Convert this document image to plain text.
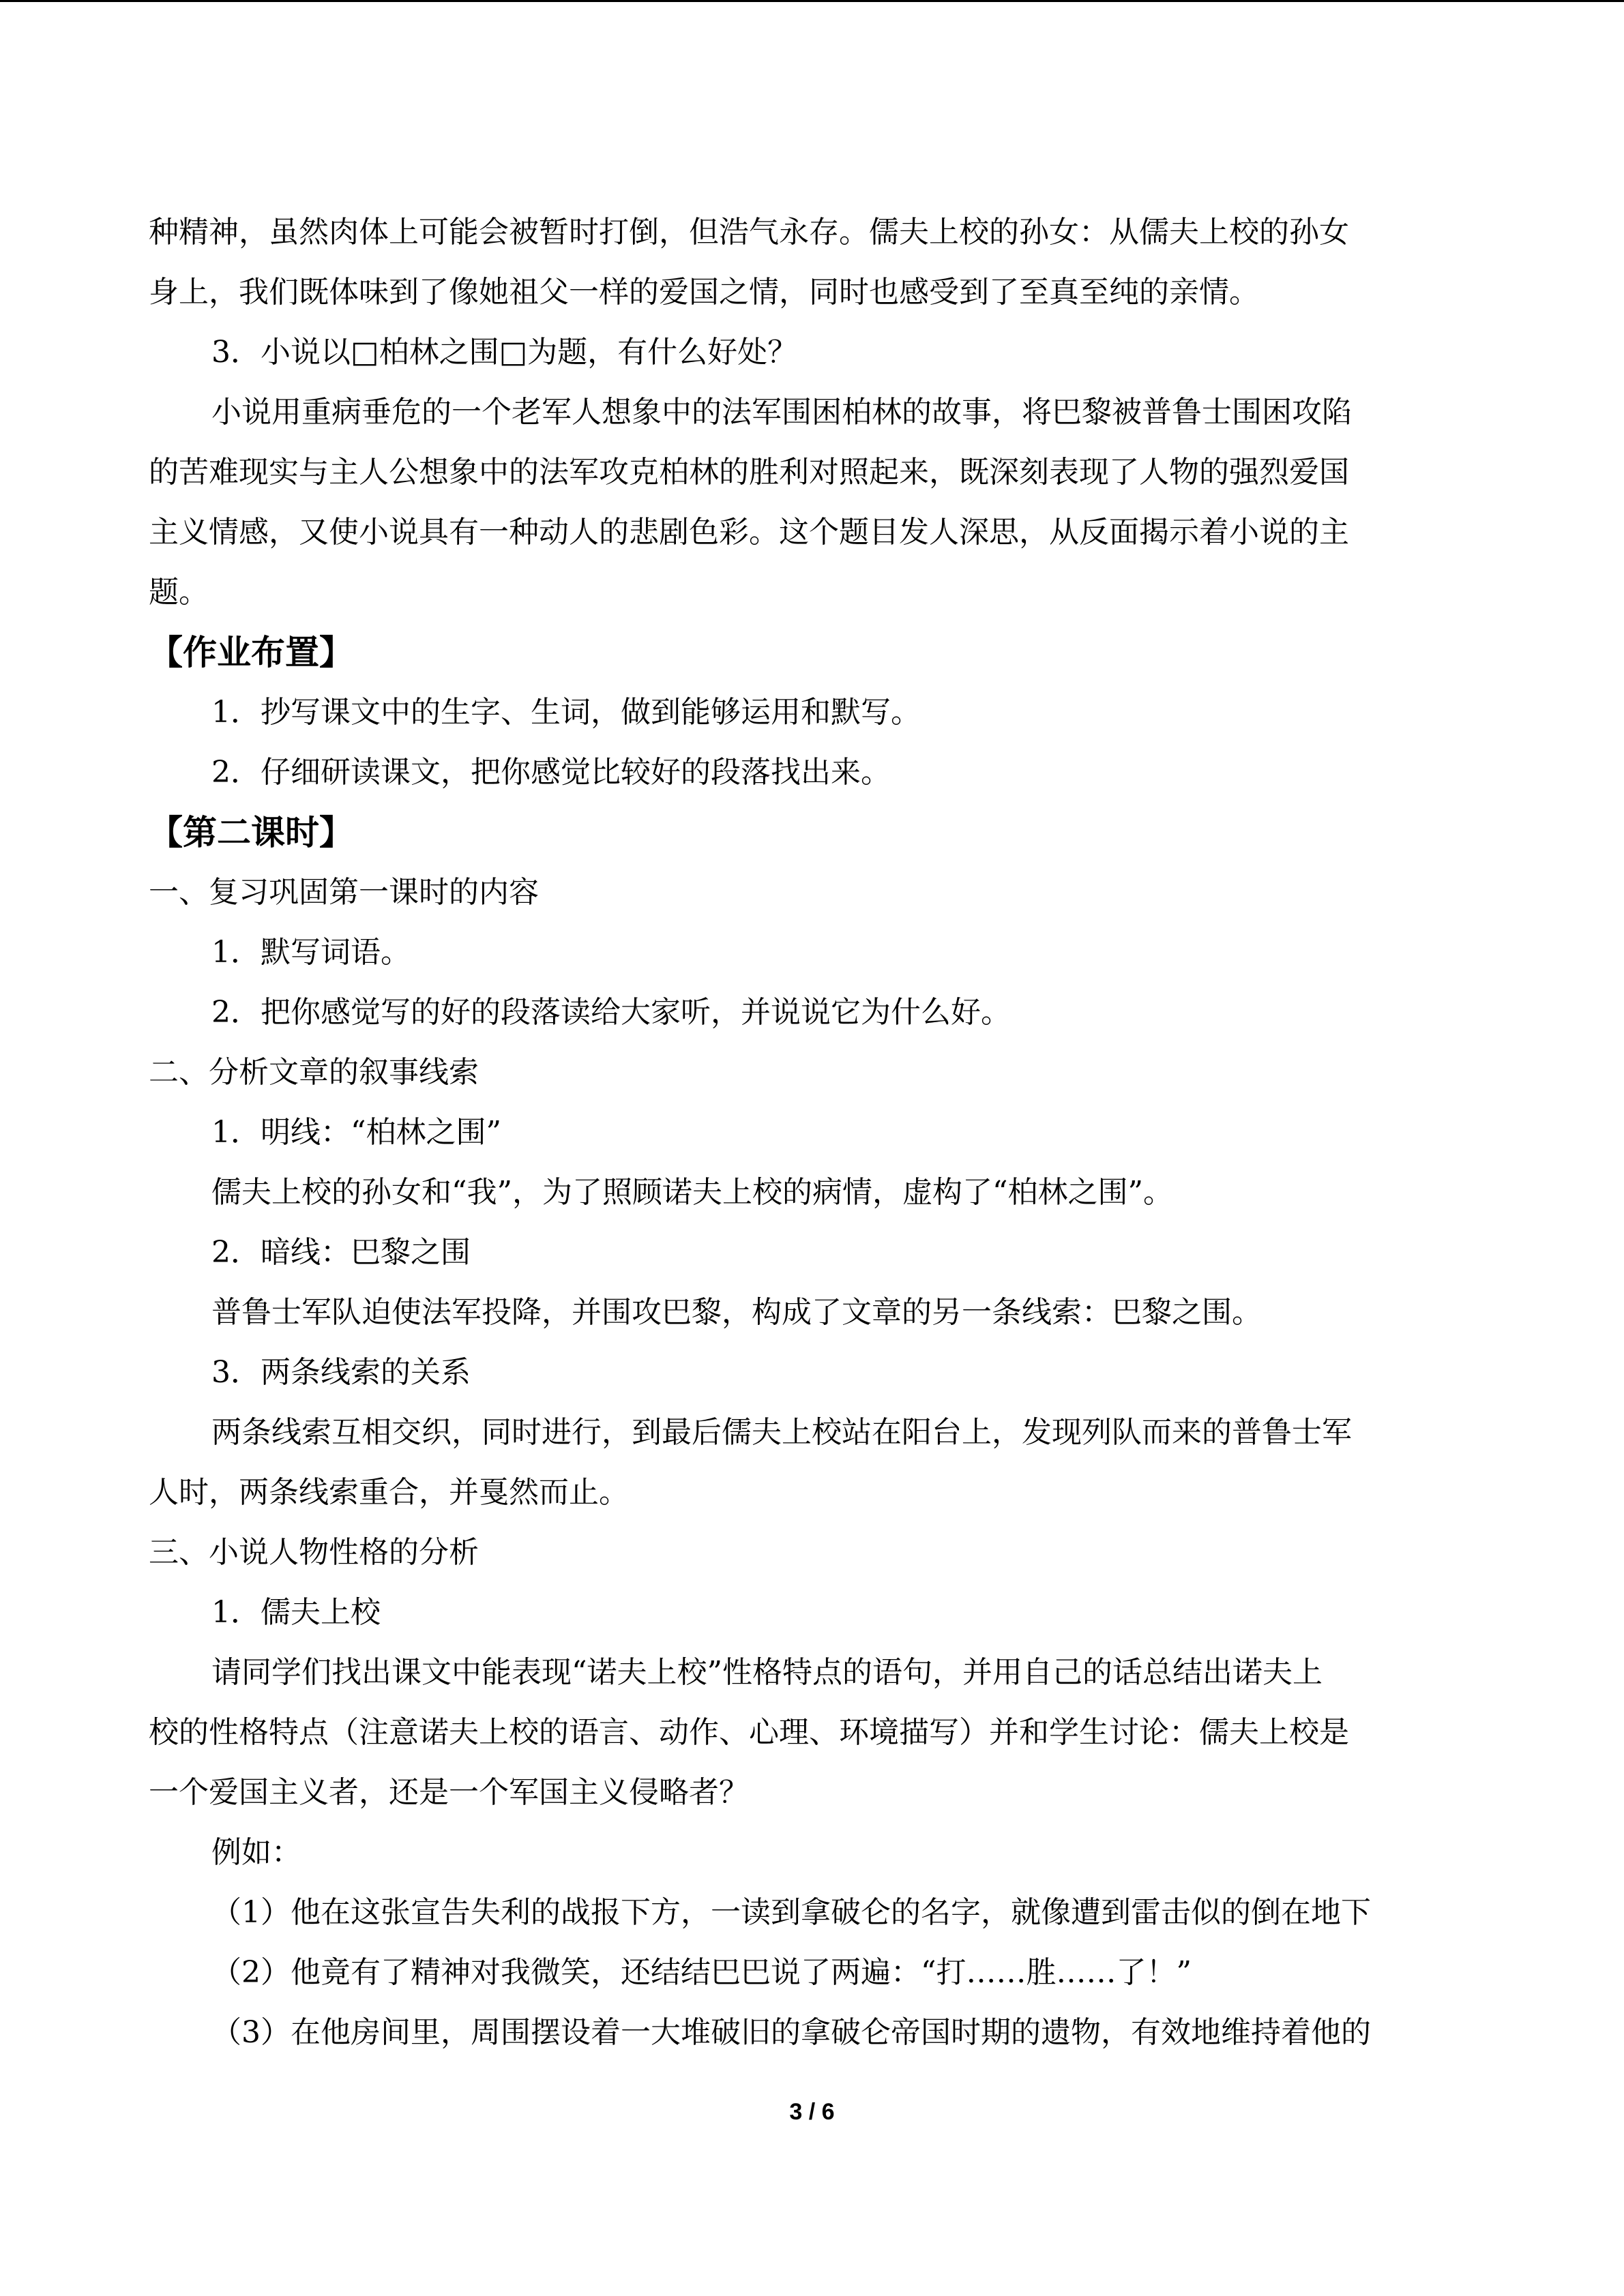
种精神，虽然肉体上可能会被暂时打倒，但浩气永存。儒夫上校的孙女：从儒夫上校的孙女
身上，我们既体味到了像她祖父一样的爱国之情，同时也感受到了至真至纯的亲情。
3．小说以□柏林之围□为题，有什么好处？
小说用重病垂危的一个老军人想象中的法军围困柏林的故事，将巴黎被普鲁士围困攻陷
的苦难现实与主人公想象中的法军攻克柏林的胜利对照起来，既深刻表现了人物的强烈爱国
主义情感，又使小说具有一种动人的悲剧色彩。这个题目发人深思，从反面揭示着小说的主
题。
【作业布置】
1．抄写课文中的生字、生词，做到能够运用和默写。
2．仔细研读课文，把你感觉比较好的段落找出来。
【第二课时】
一、复习巩固第一课时的内容
1．默写词语。
2．把你感觉写的好的段落读给大家听，并说说它为什么好。
二、分析文章的叙事线索
1．明线：“柏林之围”
儒夫上校的孙女和“我”，为了照顾诺夫上校的病情，虚构了“柏林之围”。
2．暗线：巴黎之围
普鲁士军队迫使法军投降，并围攻巴黎，构成了文章的另一条线索：巴黎之围。
3．两条线索的关系
两条线索互相交织，同时进行，到最后儒夫上校站在阳台上，发现列队而来的普鲁士军
人时，两条线索重合，并戛然而止。
三、小说人物性格的分析
1．儒夫上校
请同学们找出课文中能表现“诺夫上校”性格特点的语句，并用自己的话总结出诺夫上
校的性格特点（注意诺夫上校的语言、动作、心理、环境描写）并和学生讨论：儒夫上校是
一个爱国主义者，还是一个军国主义侵略者？
例如：
（1）他在这张宣告失利的战报下方，一读到拿破仑的名字，就像遭到雷击似的倒在地下
（2）他竟有了精神对我微笑，还结结巴巴说了两遍：“打……胜……了！”
（3）在他房间里，周围摆设着一大堆破旧的拿破仑帝国时期的遗物，有效地维持着他的
3 / 6
